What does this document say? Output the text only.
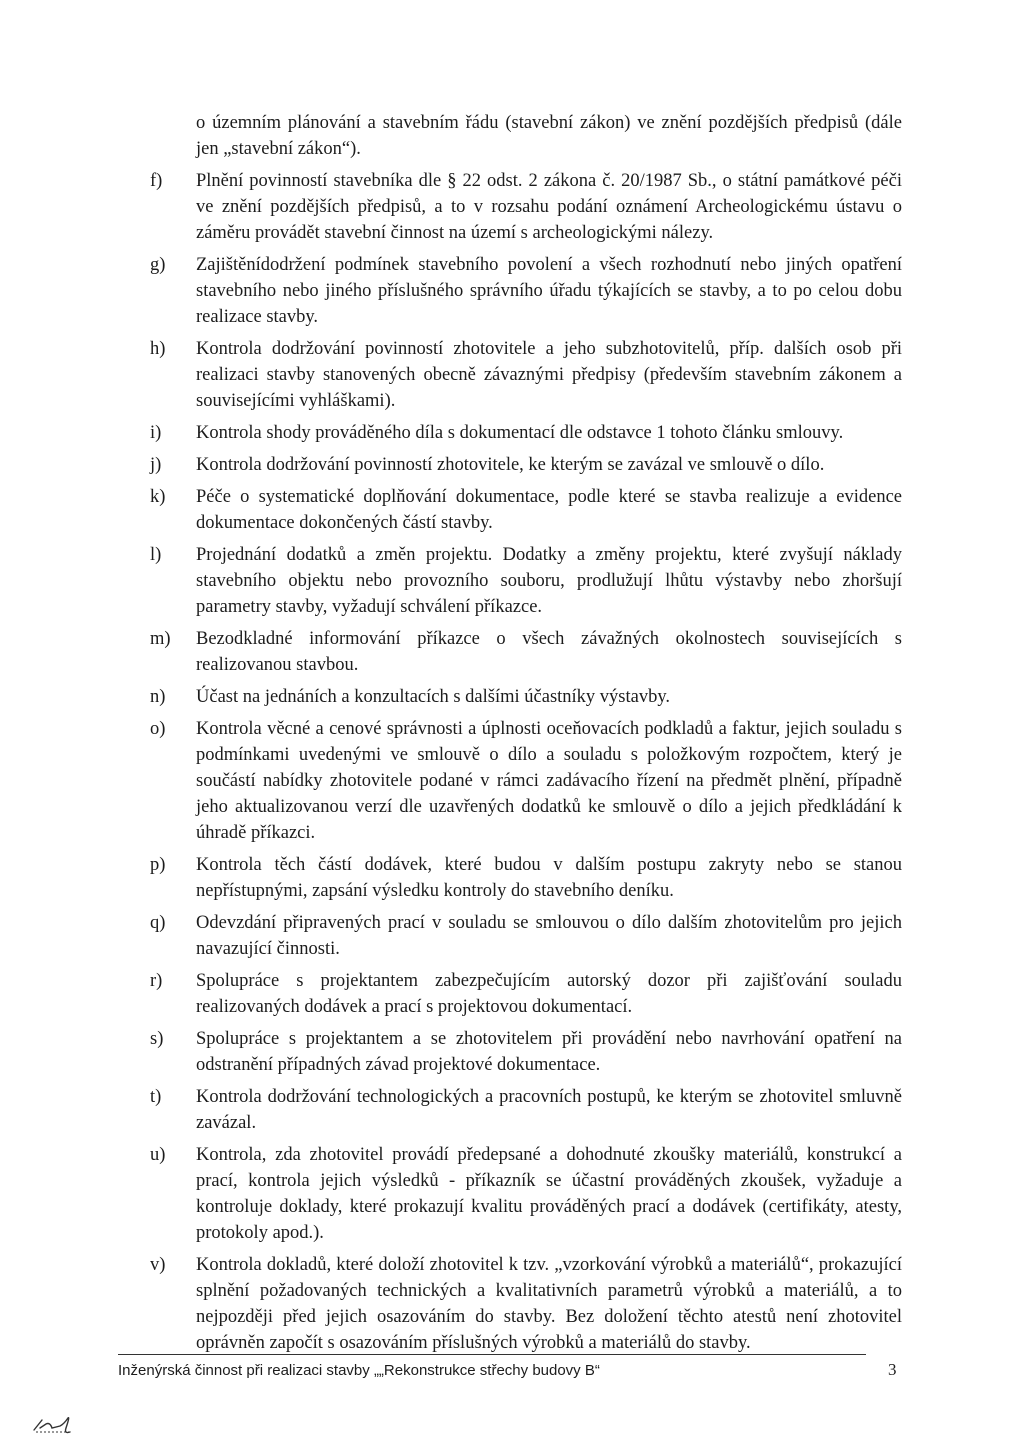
o územním plánování a stavebním řádu (stavební zákon) ve znění pozdějších předpisů (dále jen „stavební zákon“).
f)	Plnění povinností stavebníka dle § 22 odst. 2 zákona č. 20/1987 Sb., o státní památkové péči ve znění pozdějších předpisů, a to v rozsahu podání oznámení Archeologickému ústavu o záměru provádět stavební činnost na území s archeologickými nálezy.
g)	Zajištěnídodržení podmínek stavebního povolení a všech rozhodnutí nebo jiných opatření stavebního nebo jiného příslušného správního úřadu týkajících se stavby, a to po celou dobu realizace stavby.
h)	Kontrola dodržování povinností zhotovitele a jeho subzhotovitelů, příp. dalších osob při realizaci stavby stanovených obecně závaznými předpisy (především stavebním zákonem a souvisejícími vyhláškami).
i)	Kontrola shody prováděného díla s dokumentací dle odstavce 1 tohoto článku smlouvy.
j)	Kontrola dodržování povinností zhotovitele, ke kterým se zavázal ve smlouvě o dílo.
k)	Péče o systematické doplňování dokumentace, podle které se stavba realizuje a evidence dokumentace dokončených částí stavby.
l)	Projednání dodatků a změn projektu. Dodatky a změny projektu, které zvyšují náklady stavebního objektu nebo provozního souboru, prodlužují lhůtu výstavby nebo zhoršují parametry stavby, vyžadují schválení příkazce.
m)	Bezodkladné informování příkazce o všech závažných okolnostech souvisejících s realizovanou stavbou.
n)	Účast na jednáních a konzultacích s dalšími účastníky výstavby.
o)	Kontrola věcné a cenové správnosti a úplnosti oceňovacích podkladů a faktur, jejich souladu s podmínkami uvedenými ve smlouvě o dílo a souladu s položkovým rozpočtem, který je součástí nabídky zhotovitele podané v rámci zadávacího řízení na předmět plnění, případně jeho aktualizovanou verzí dle uzavřených dodatků ke smlouvě o dílo a jejich předkládání k úhradě příkazci.
p)	Kontrola těch částí dodávek, které budou v dalším postupu zakryty nebo se stanou nepřístupnými, zapsání výsledku kontroly do stavebního deníku.
q)	Odevzdání připravených prací v souladu se smlouvou o dílo dalším zhotovitelům pro jejich navazující činnosti.
r)	Spolupráce s projektantem zabezpečujícím autorský dozor při zajišťování souladu realizovaných dodávek a prací s projektovou dokumentací.
s)	Spolupráce s projektantem a se zhotovitelem při provádění nebo navrhování opatření na odstranění případných závad projektové dokumentace.
t)	Kontrola dodržování technologických a pracovních postupů, ke kterým se zhotovitel smluvně zavázal.
u)	Kontrola, zda zhotovitel provádí předepsané a dohodnuté zkoušky materiálů, konstrukcí a prací, kontrola jejich výsledků - příkazník se účastní prováděných zkoušek, vyžaduje a kontroluje doklady, které prokazují kvalitu prováděných prací a dodávek (certifikáty, atesty, protokoly apod.).
v)	Kontrola dokladů, které doloží zhotovitel k tzv. „vzorkování výrobků a materiálů“, prokazující splnění požadovaných technických a kvalitativních parametrů výrobků a materiálů, a to nejpozději před jejich osazováním do stavby. Bez doložení těchto atestů není zhotovitel oprávněn započít s osazováním příslušných výrobků a materiálů do stavby.
Inženýrská činnost při realizaci stavby „„Rekonstrukce střechy budovy B“	3
